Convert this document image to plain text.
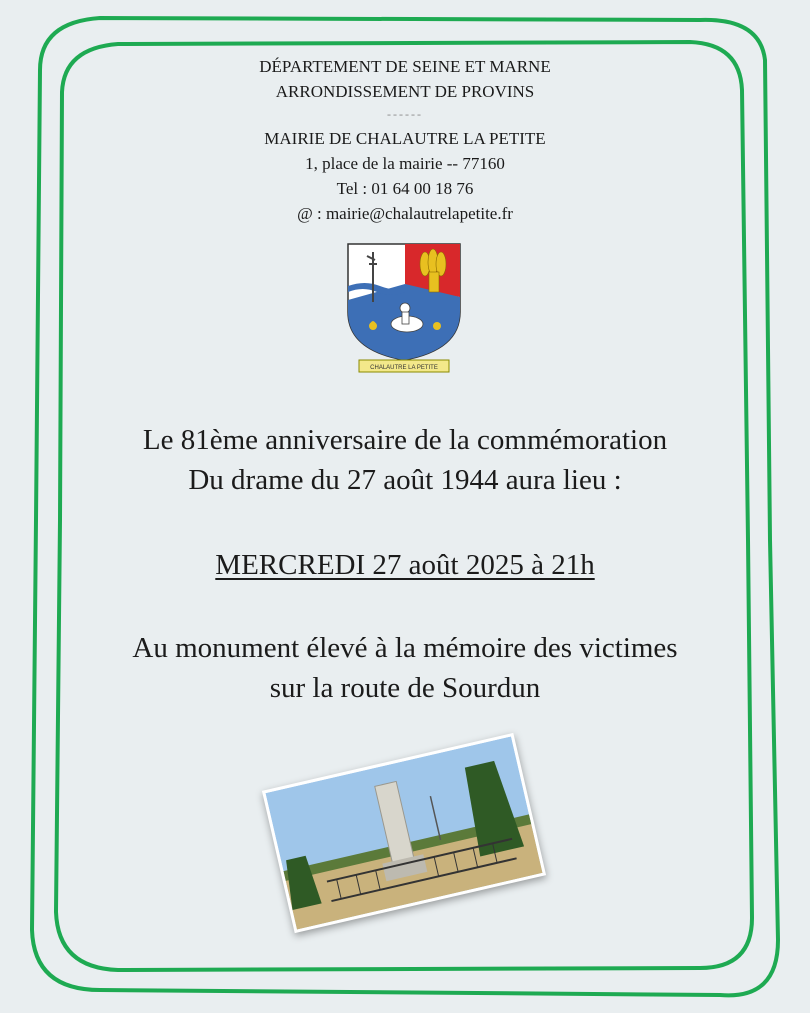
DÉPARTEMENT DE SEINE ET MARNE
ARRONDISSEMENT DE PROVINS
------
MAIRIE DE CHALAUTRE LA PETITE
1, place de la mairie -- 77160
Tel : 01 64 00 18 76
@ : mairie@chalautrelapetite.fr
CHALAUTRE LA PETITE
Le 81ème anniversaire de la commémoration
Du drame du 27 août 1944 aura lieu :
MERCREDI 27 août 2025 à 21h
Au monument élevé à la mémoire des victimes
sur la route de Sourdun
